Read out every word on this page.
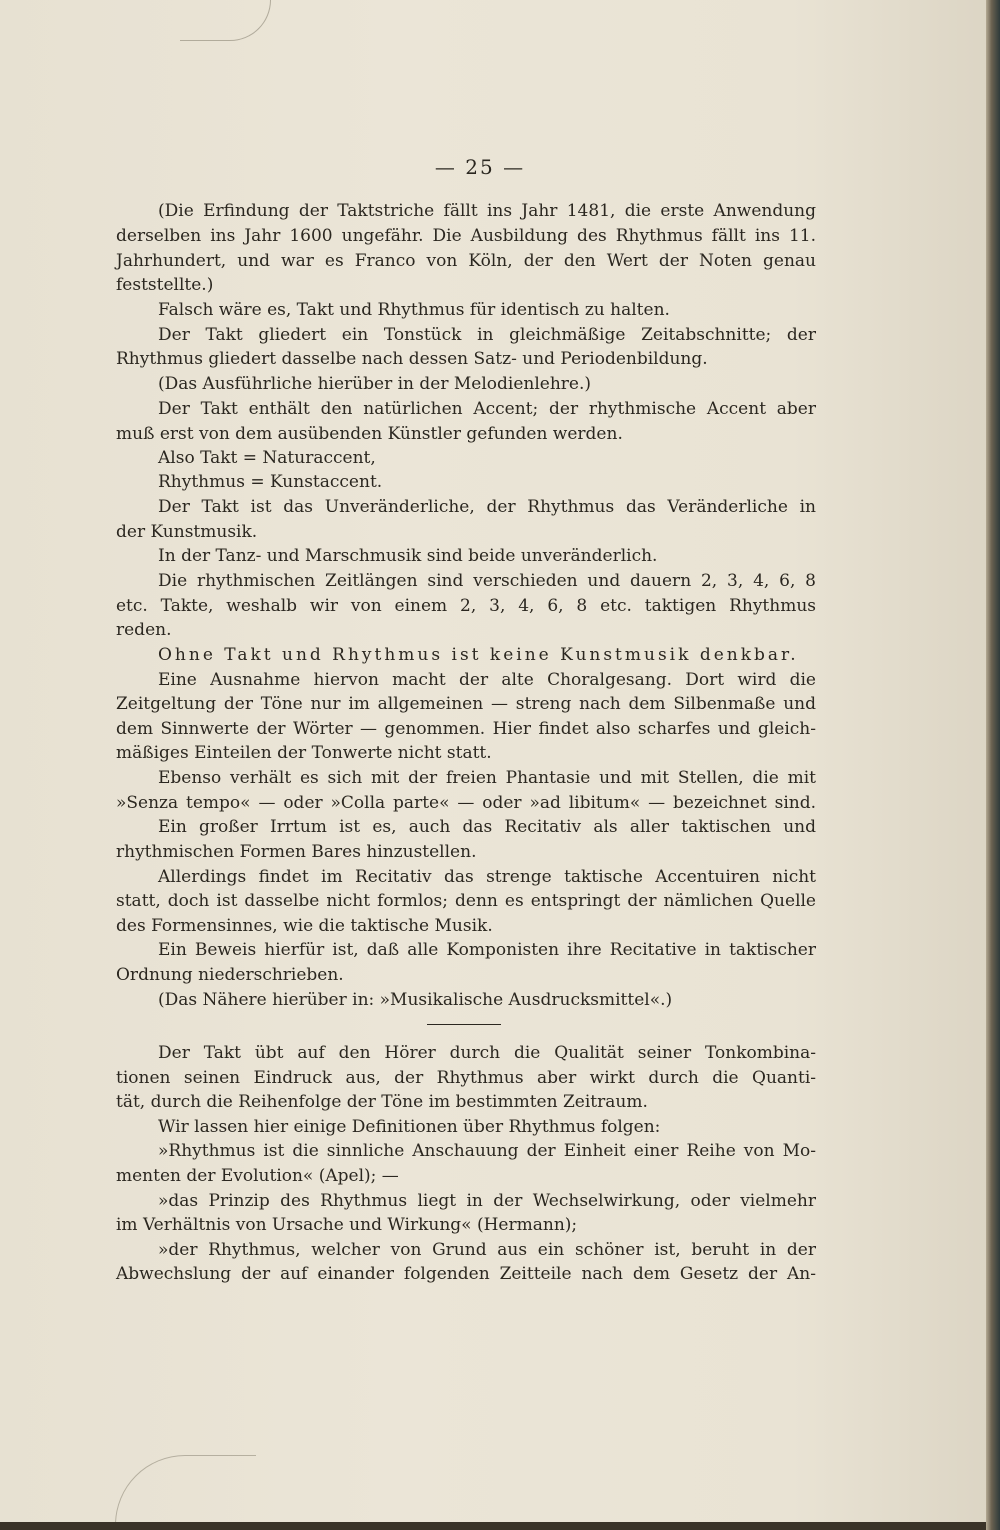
— 25 —
(Die Erfindung der Taktstriche fällt ins Jahr 1481, die erste Anwendung
derselben ins Jahr 1600 ungefähr. Die Ausbildung des Rhythmus fällt ins 11.
Jahrhundert, und war es Franco von Köln, der den Wert der Noten genau
feststellte.)
Falsch wäre es, Takt und Rhythmus für identisch zu halten.
Der Takt gliedert ein Tonstück in gleichmäßige Zeitabschnitte; der
Rhythmus gliedert dasselbe nach dessen Satz- und Periodenbildung.
(Das Ausführliche hierüber in der Melodienlehre.)
Der Takt enthält den natürlichen Accent; der rhythmische Accent aber
muß erst von dem ausübenden Künstler gefunden werden.
Also Takt = Naturaccent,
Rhythmus = Kunstaccent.
Der Takt ist das Unveränderliche, der Rhythmus das Veränderliche in
der Kunstmusik.
In der Tanz- und Marschmusik sind beide unveränderlich.
Die rhythmischen Zeitlängen sind verschieden und dauern 2, 3, 4, 6, 8
etc. Takte, weshalb wir von einem 2, 3, 4, 6, 8 etc. taktigen Rhythmus
reden.
Ohne Takt und Rhythmus ist keine Kunstmusik denkbar.
Eine Ausnahme hiervon macht der alte Choralgesang. Dort wird die
Zeitgeltung der Töne nur im allgemeinen — streng nach dem Silbenmaße und
dem Sinnwerte der Wörter — genommen. Hier findet also scharfes und gleich-
mäßiges Einteilen der Tonwerte nicht statt.
Ebenso verhält es sich mit der freien Phantasie und mit Stellen, die mit
»Senza tempo« — oder »Colla parte« — oder »ad libitum« — bezeichnet sind.
Ein großer Irrtum ist es, auch das Recitativ als aller taktischen und
rhythmischen Formen Bares hinzustellen.
Allerdings findet im Recitativ das strenge taktische Accentuiren nicht
statt, doch ist dasselbe nicht formlos; denn es entspringt der nämlichen Quelle
des Formensinnes, wie die taktische Musik.
Ein Beweis hierfür ist, daß alle Komponisten ihre Recitative in taktischer
Ordnung niederschrieben.
(Das Nähere hierüber in: »Musikalische Ausdrucksmittel«.)
Der Takt übt auf den Hörer durch die Qualität seiner Tonkombina-
tionen seinen Eindruck aus, der Rhythmus aber wirkt durch die Quanti-
tät, durch die Reihenfolge der Töne im bestimmten Zeitraum.
Wir lassen hier einige Definitionen über Rhythmus folgen:
»Rhythmus ist die sinnliche Anschauung der Einheit einer Reihe von Mo-
menten der Evolution« (Apel); —
»das Prinzip des Rhythmus liegt in der Wechselwirkung, oder vielmehr
im Verhältnis von Ursache und Wirkung« (Hermann);
»der Rhythmus, welcher von Grund aus ein schöner ist, beruht in der
Abwechslung der auf einander folgenden Zeitteile nach dem Gesetz der An-
